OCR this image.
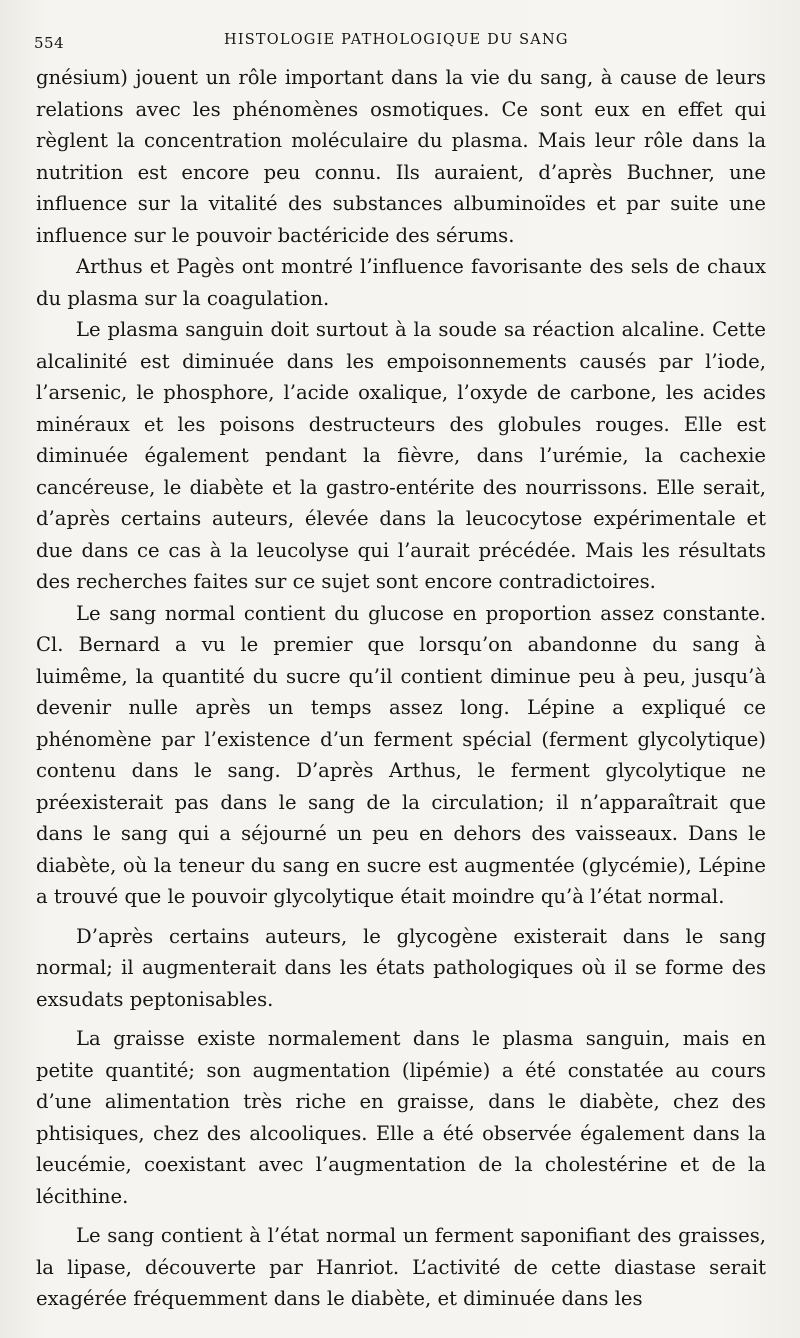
554	HISTOLOGIE PATHOLOGIQUE DU SANG

gnésium) jouent un rôle important dans la vie du sang, à cause de leurs relations avec les phénomènes osmotiques. Ce sont eux en effet qui règlent la concentration moléculaire du plasma. Mais leur rôle dans la nutrition est encore peu connu. Ils auraient, d’après Buchner, une influence sur la vitalité des substances albuminoïdes et par suite une influence sur le pouvoir bactéricide des sérums.

Arthus et Pagès ont montré l’influence favorisante des sels de chaux du plasma sur la coagulation.

Le plasma sanguin doit surtout à la soude sa réaction alcaline. Cette alcalinité est diminuée dans les empoisonnements causés par l’iode, l’arsenic, le phosphore, l’acide oxalique, l’oxyde de carbone, les acides minéraux et les poisons destructeurs des globules rouges. Elle est diminuée également pendant la fièvre, dans l’urémie, la cachexie cancéreuse, le diabète et la gastro-entérite des nourrissons. Elle serait, d’après certains auteurs, élevée dans la leucocytose expérimentale et due dans ce cas à la leucolyse qui l’aurait précédée. Mais les résultats des recherches faites sur ce sujet sont encore contradictoires.

Le sang normal contient du glucose en proportion assez constante. Cl. Bernard a vu le premier que lorsqu’on abandonne du sang à luimême, la quantité du sucre qu’il contient diminue peu à peu, jusqu’à devenir nulle après un temps assez long. Lépine a expliqué ce phénomène par l’existence d’un ferment spécial (ferment glycolytique) contenu dans le sang. D’après Arthus, le ferment glycolytique ne préexisterait pas dans le sang de la circulation; il n’apparaîtrait que dans le sang qui a séjourné un peu en dehors des vaisseaux. Dans le diabète, où la teneur du sang en sucre est augmentée (glycémie), Lépine a trouvé que le pouvoir glycolytique était moindre qu’à l’état normal.

D’après certains auteurs, le glycogène existerait dans le sang normal; il augmenterait dans les états pathologiques où il se forme des exsudats peptonisables.

La graisse existe normalement dans le plasma sanguin, mais en petite quantité; son augmentation (lipémie) a été constatée au cours d’une alimentation très riche en graisse, dans le diabète, chez des phtisiques, chez des alcooliques. Elle a été observée également dans la leucémie, coexistant avec l’augmentation de la cholestérine et de la lécithine.

Le sang contient à l’état normal un ferment saponifiant des graisses, la lipase, découverte par Hanriot. L’activité de cette diastase serait exagérée fréquemment dans le diabète, et diminuée dans les
